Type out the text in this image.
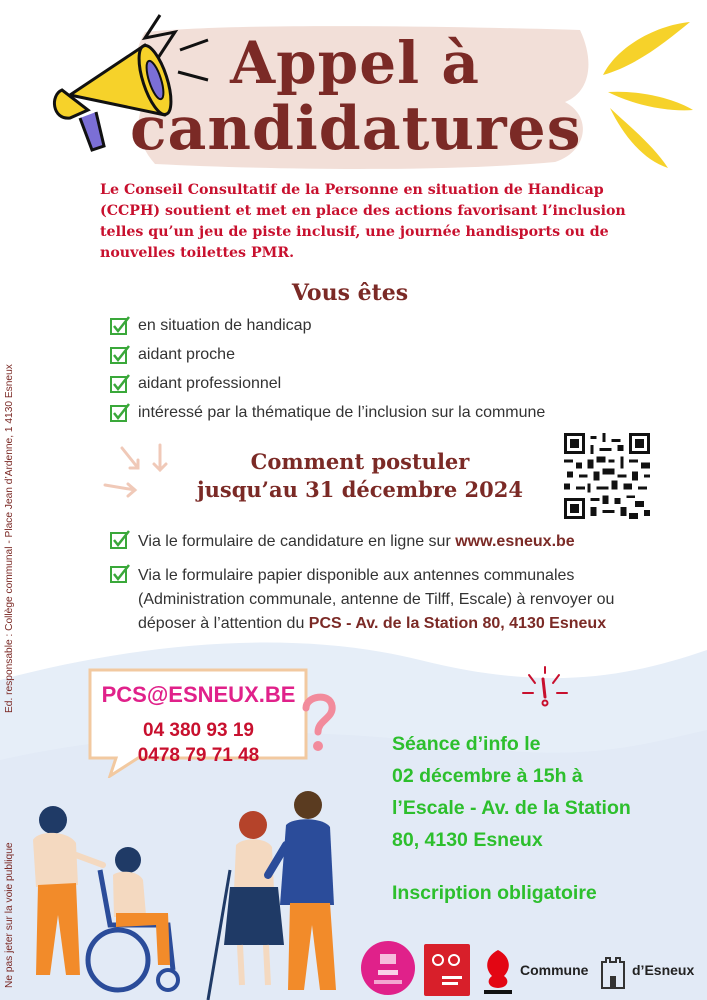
Appel à
candidatures

Le Conseil Consultatif de la Personne en situation de Handicap (CCPH) soutient et met en place des actions favorisant l’inclusion telles qu’un jeu de piste inclusif, une journée handisports ou de nouvelles toilettes PMR.

Vous êtes
en situation de handicap
aidant proche
aidant professionnel
intéressé par la thématique de l’inclusion sur la commune
Comment postuler
jusqu’au 31 décembre 2024
Via le formulaire de candidature en ligne sur www.esneux.be
Via le formulaire papier disponible aux antennes communales (Administration communale, antenne de Tilff, Escale) à renvoyer ou déposer à l’attention du PCS - Av. de la Station 80, 4130 Esneux

PCS@ESNEUX.BE

04 380 93 19

0478 79 71 48

Séance d’info le
02 décembre à 15h à
l’Escale - Av. de la Station
80, 4130 Esneux

Inscription obligatoire

Ed. responsable : Collège communal - Place Jean d’Ardenne, 1 4130 Esneux

Ne pas jeter sur la voie publique	Commune	d’Esneux
